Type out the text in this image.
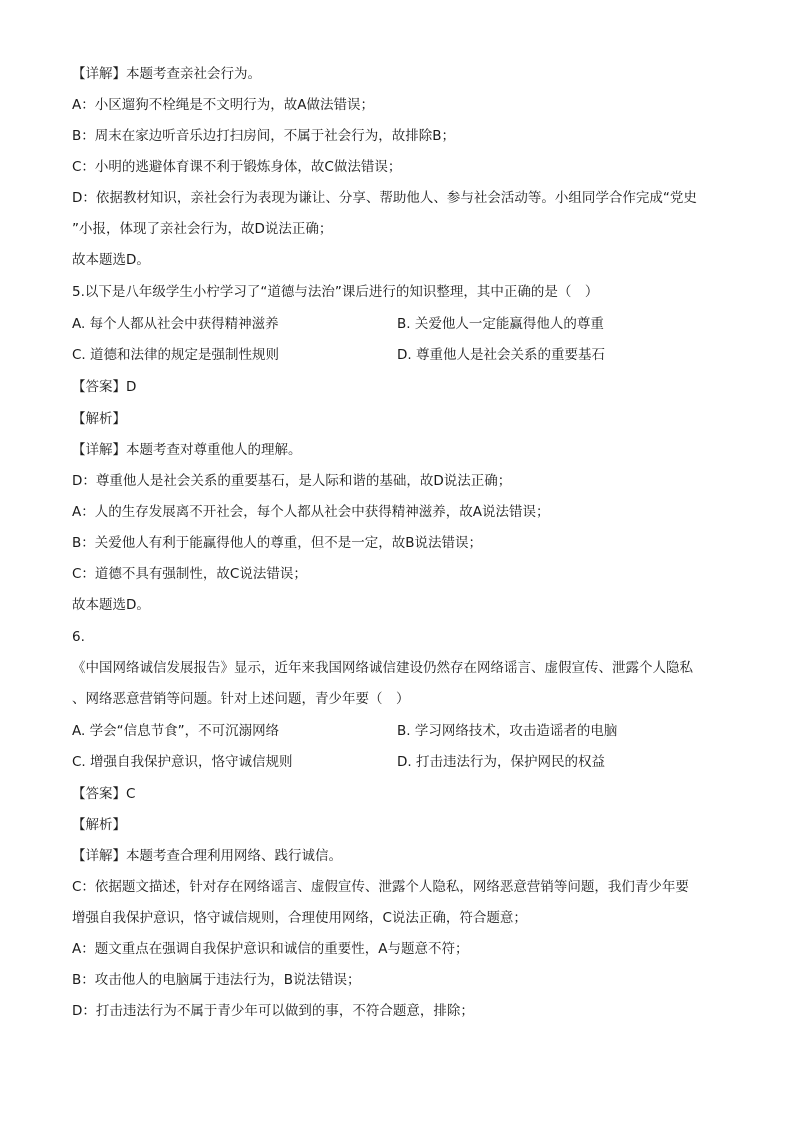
【详解】本题考查亲社会行为。
A：小区遛狗不栓绳是不文明行为，故A做法错误；
B：周末在家边听音乐边打扫房间，不属于社会行为，故排除B；
C：小明的逃避体育课不利于锻炼身体，故C做法错误；
D：依据教材知识，亲社会行为表现为谦让、分享、帮助他人、参与社会活动等。小组同学合作完成“党史
”小报，体现了亲社会行为，故D说法正确；
故本题选D。
5.以下是八年级学生小柠学习了“道德与法治”课后进行的知识整理，其中正确的是（　）
A. 每个人都从社会中获得精神滋养	B. 关爱他人一定能赢得他人的尊重
C. 道德和法律的规定是强制性规则	D. 尊重他人是社会关系的重要基石
【答案】D
【解析】
【详解】本题考查对尊重他人的理解。
D：尊重他人是社会关系的重要基石，是人际和谐的基础，故D说法正确；
A：人的生存发展离不开社会，每个人都从社会中获得精神滋养，故A说法错误；
B：关爱他人有利于能赢得他人的尊重，但不是一定，故B说法错误；
C：道德不具有强制性，故C说法错误；
故本题选D。
6.
《中国网络诚信发展报告》显示，近年来我国网络诚信建设仍然存在网络谣言、虚假宣传、泄露个人隐私
、网络恶意营销等问题。针对上述问题，青少年要（　）
A. 学会“信息节食”，不可沉溺网络	B. 学习网络技术，攻击造谣者的电脑
C. 增强自我保护意识，恪守诚信规则	D. 打击违法行为，保护网民的权益
【答案】C
【解析】
【详解】本题考查合理利用网络、践行诚信。
C：依据题文描述，针对存在网络谣言、虚假宣传、泄露个人隐私，网络恶意营销等问题，我们青少年要
增强自我保护意识，恪守诚信规则，合理使用网络，C说法正确，符合题意；
A：题文重点在强调自我保护意识和诚信的重要性，A与题意不符；
B：攻击他人的电脑属于违法行为，B说法错误；
D：打击违法行为不属于青少年可以做到的事，不符合题意，排除；
